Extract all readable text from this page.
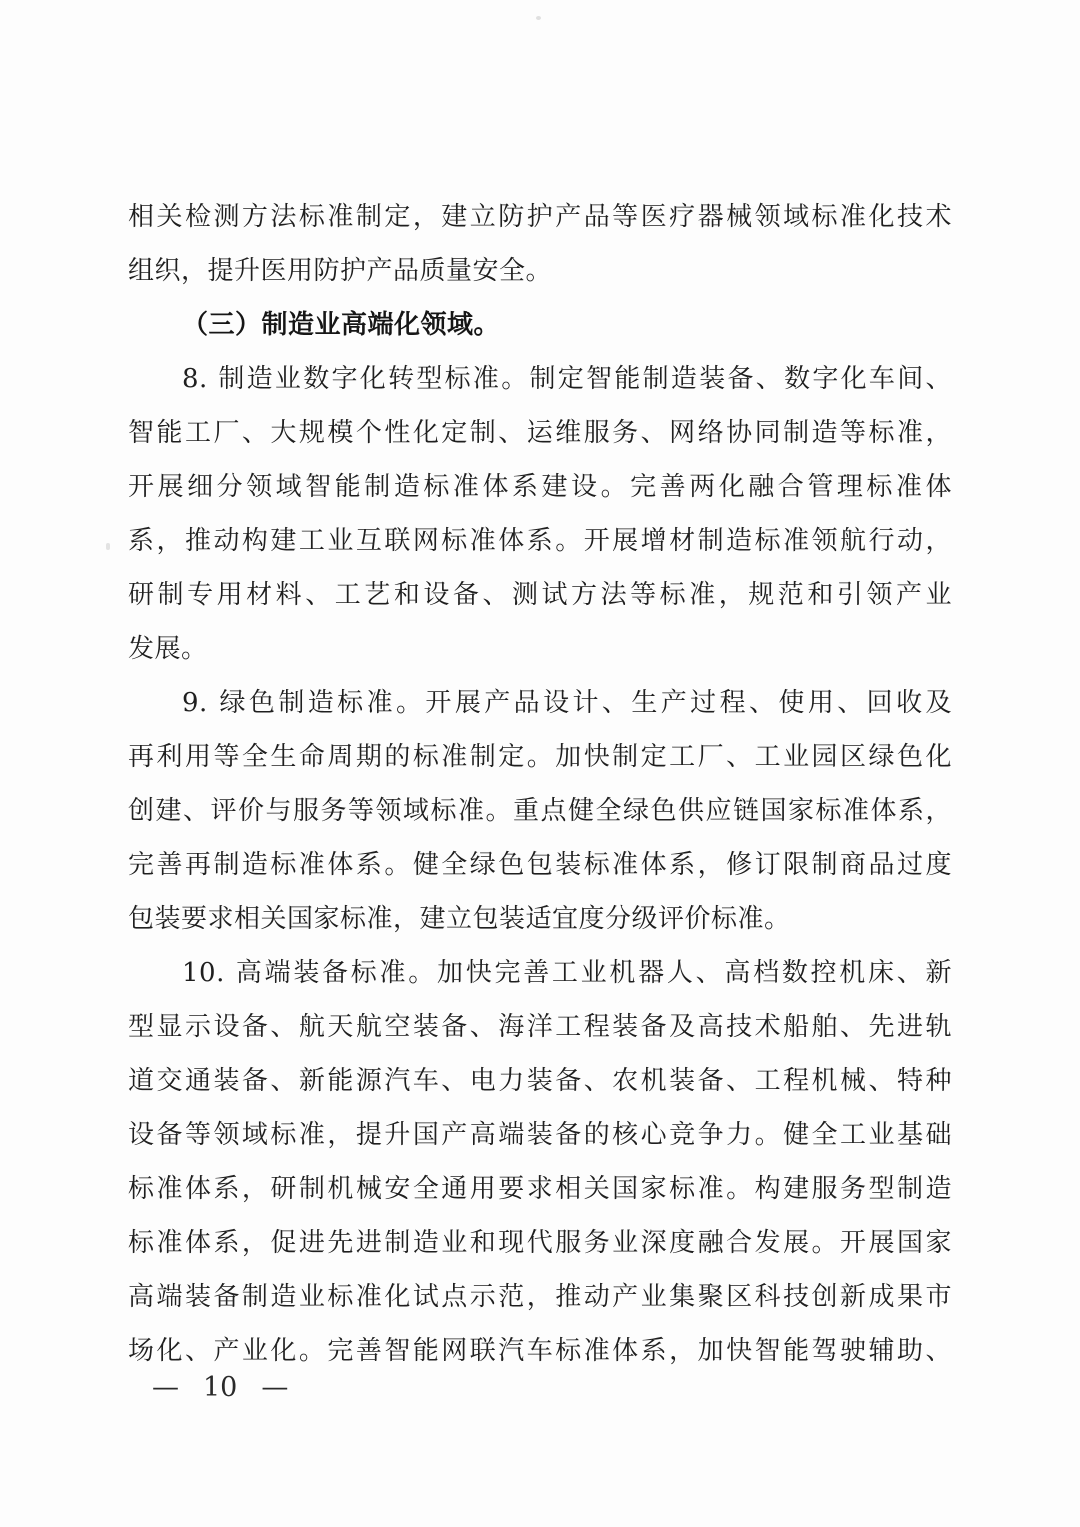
相关检测方法标准制定，建立防护产品等医疗器械领域标准化技术
组织，提升医用防护产品质量安全。
（三）制造业高端化领域。
8. 制造业数字化转型标准。制定智能制造装备、数字化车间、
智能工厂、大规模个性化定制、运维服务、网络协同制造等标准，
开展细分领域智能制造标准体系建设。完善两化融合管理标准体
系，推动构建工业互联网标准体系。开展增材制造标准领航行动，
研制专用材料、工艺和设备、测试方法等标准，规范和引领产业
发展。
9. 绿色制造标准。开展产品设计、生产过程、使用、回收及
再利用等全生命周期的标准制定。加快制定工厂、工业园区绿色化
创建、评价与服务等领域标准。重点健全绿色供应链国家标准体系，
完善再制造标准体系。健全绿色包装标准体系，修订限制商品过度
包装要求相关国家标准，建立包装适宜度分级评价标准。
10. 高端装备标准。加快完善工业机器人、高档数控机床、新
型显示设备、航天航空装备、海洋工程装备及高技术船舶、先进轨
道交通装备、新能源汽车、电力装备、农机装备、工程机械、特种
设备等领域标准，提升国产高端装备的核心竞争力。健全工业基础
标准体系，研制机械安全通用要求相关国家标准。构建服务型制造
标准体系，促进先进制造业和现代服务业深度融合发展。开展国家
高端装备制造业标准化试点示范，推动产业集聚区科技创新成果市
场化、产业化。完善智能网联汽车标准体系，加快智能驾驶辅助、
— 10 —
